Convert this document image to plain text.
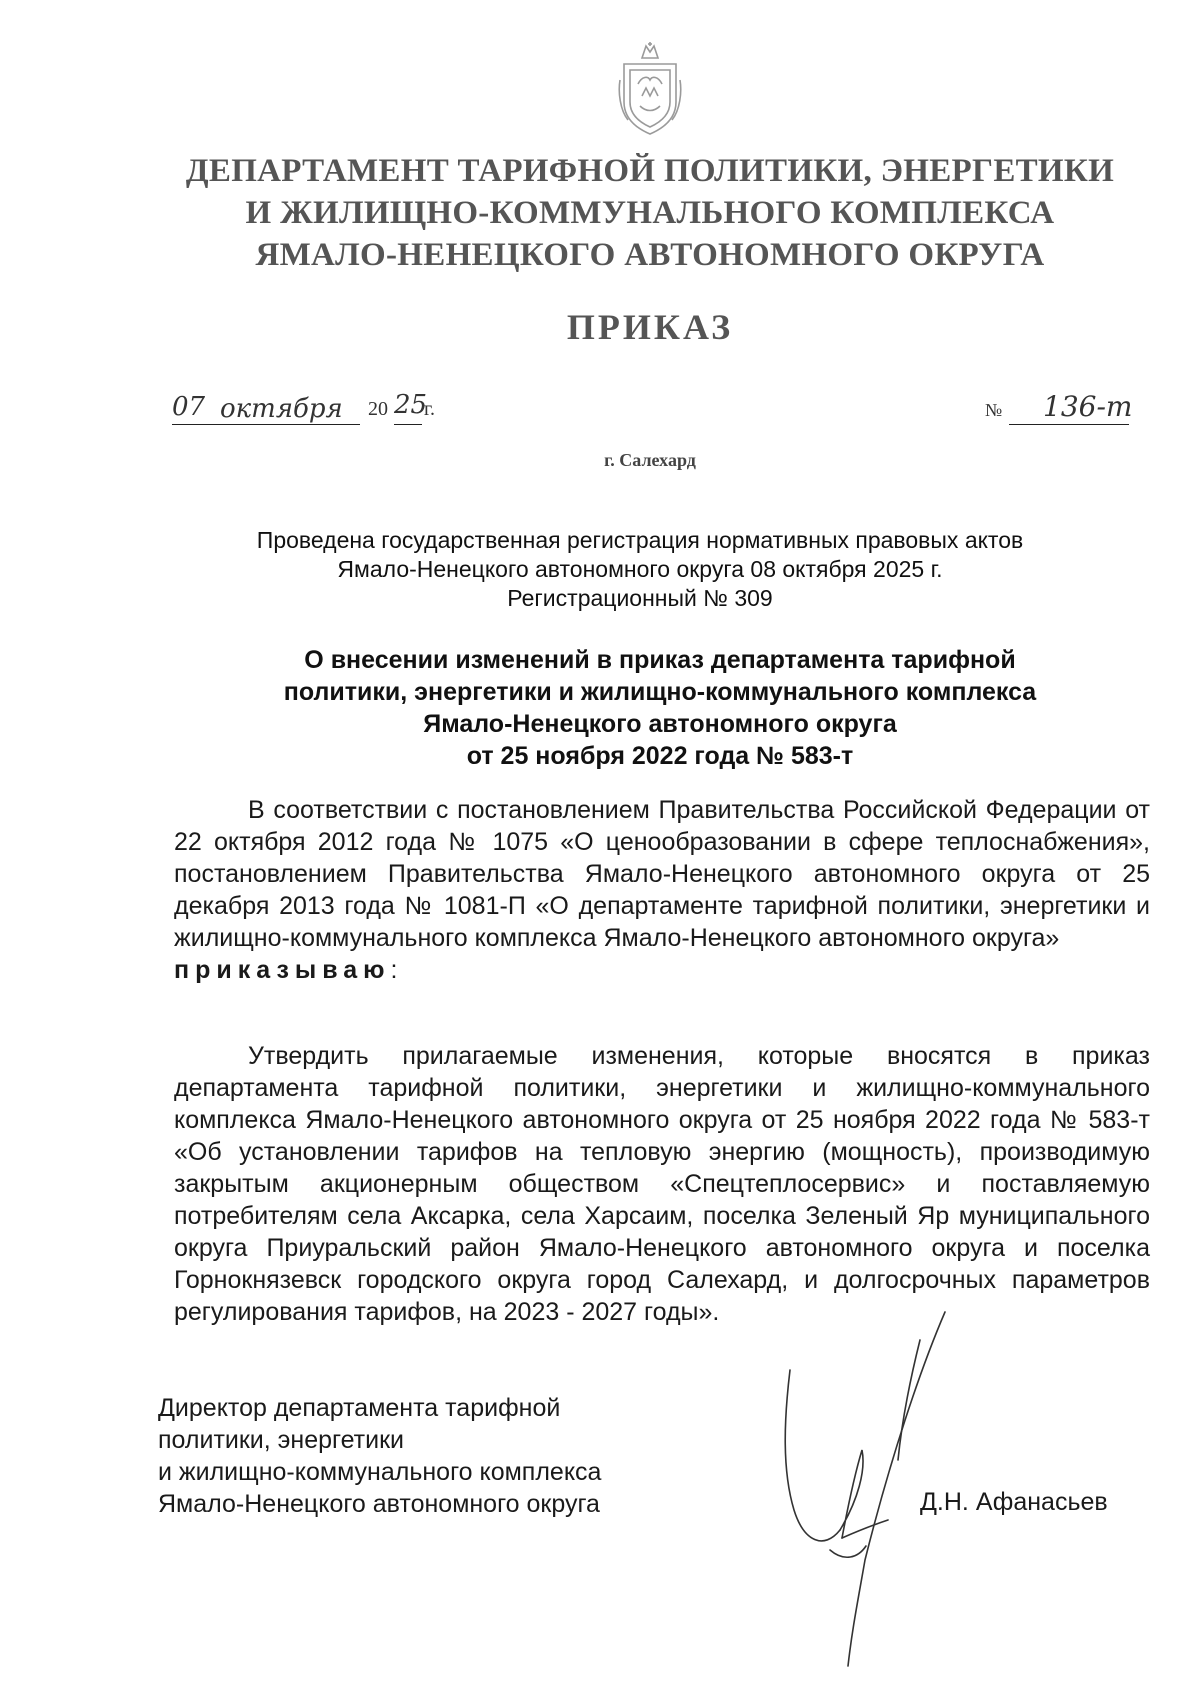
ДЕПАРТАМЕНТ ТАРИФНОЙ ПОЛИТИКИ, ЭНЕРГЕТИКИ
И ЖИЛИЩНО-КОММУНАЛЬНОГО КОМПЛЕКСА
ЯМАЛО-НЕНЕЦКОГО АВТОНОМНОГО ОКРУГА
ПРИКАЗ
07 октября 20 25
г.	№ 136-т
г. Салехард
Проведена государственная регистрация нормативных правовых актов
Ямало-Ненецкого автономного округа 08 октября 2025 г.
Регистрационный № 309
О внесении изменений в приказ департамента тарифной
политики, энергетики и жилищно-коммунального комплекса
Ямало-Ненецкого автономного округа
от 25 ноября 2022 года № 583-т
В соответствии с постановлением Правительства Российской Федерации от 22 октября 2012 года № 1075 «О ценообразовании в сфере теплоснабжения», постановлением Правительства Ямало-Ненецкого автономного округа от 25 декабря 2013 года № 1081-П «О департаменте тарифной политики, энергетики и жилищно-коммунального комплекса Ямало-Ненецкого автономного округа»
приказываю:
Утвердить прилагаемые изменения, которые вносятся в приказ департамента тарифной политики, энергетики и жилищно-коммунального комплекса Ямало-Ненецкого автономного округа от 25 ноября 2022 года № 583-т «Об установлении тарифов на тепловую энергию (мощность), производимую закрытым акционерным обществом «Спецтеплосервис» и поставляемую потребителям села Аксарка, села Харсаим, поселка Зеленый Яр муниципального округа Приуральский район Ямало-Ненецкого автономного округа и поселка Горнокнязевск городского округа город Салехард, и долгосрочных параметров регулирования тарифов, на 2023 - 2027 годы».
Директор департамента тарифной
политики, энергетики
и жилищно-коммунального комплекса
Ямало-Ненецкого автономного округа	Д.Н. Афанасьев
